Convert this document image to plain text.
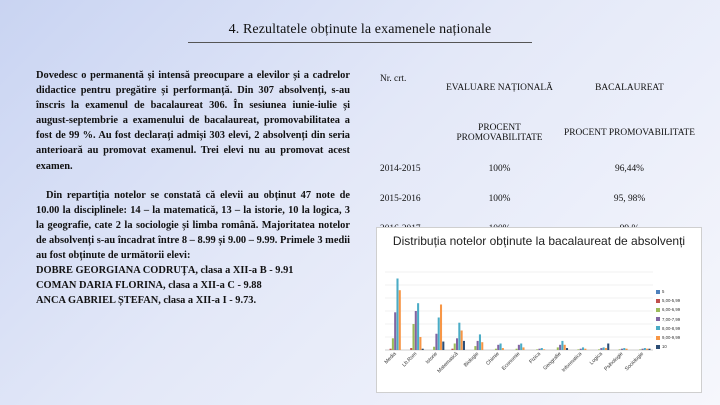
4. Rezultatele obținute la examenele naționale

Dovedesc o permanentă și intensă preocupare a elevilor și a cadrelor didactice pentru pregătire și performanță. Din 307 absolvenți, s-au înscris la examenul de bacalaureat 306. În sesiunea iunie-iulie și august-septembrie a examenului de bacalaureat, promovabilitatea a fost de 99 %. Au fost declarați admiși 303 elevi, 2 absolvenți din seria anterioară au promovat examenul. Trei elevi nu au promovat acest examen.

Din repartiția notelor se constată că elevii au obținut 47 note de 10.00 la disciplinele: 14 – la matematică, 13 – la istorie, 10 la logica, 3 la geografie, cate 2 la sociologie și limba română. Majoritatea notelor de absolvenți s-au încadrat între 8 – 8.99 și 9.00 – 9.99. Primele 3 medii au fost obținute de următorii elevi:
DOBRE GEORGIANA CODRUȚA, clasa a XII-a B - 9.91
COMAN DARIA FLORINA, clasa a XII-a C - 9.88
ANCA GABRIEL ȘTEFAN, clasa a XII-a I - 9.73.

Nr. crt.	EVALUARE NAȚIONALĂ	BACALAUREAT
	PROCENT PROMOVABILITATE	PROCENT PROMOVABILITATE
2014-2015	100%	96,44%
2015-2016	100%	95, 98%

Distribuția notelor obținute la bacalaureat de absolvenți
Media Lb.Rom Istorie
Matematică Biologie Chimie Economie Fizica Geografie
Informatica Logica Psihologie Sociologie
5
5,00-5,99
6,00-6,99
7,00-7,99
8,00-8,99
9,00-9,99
10
